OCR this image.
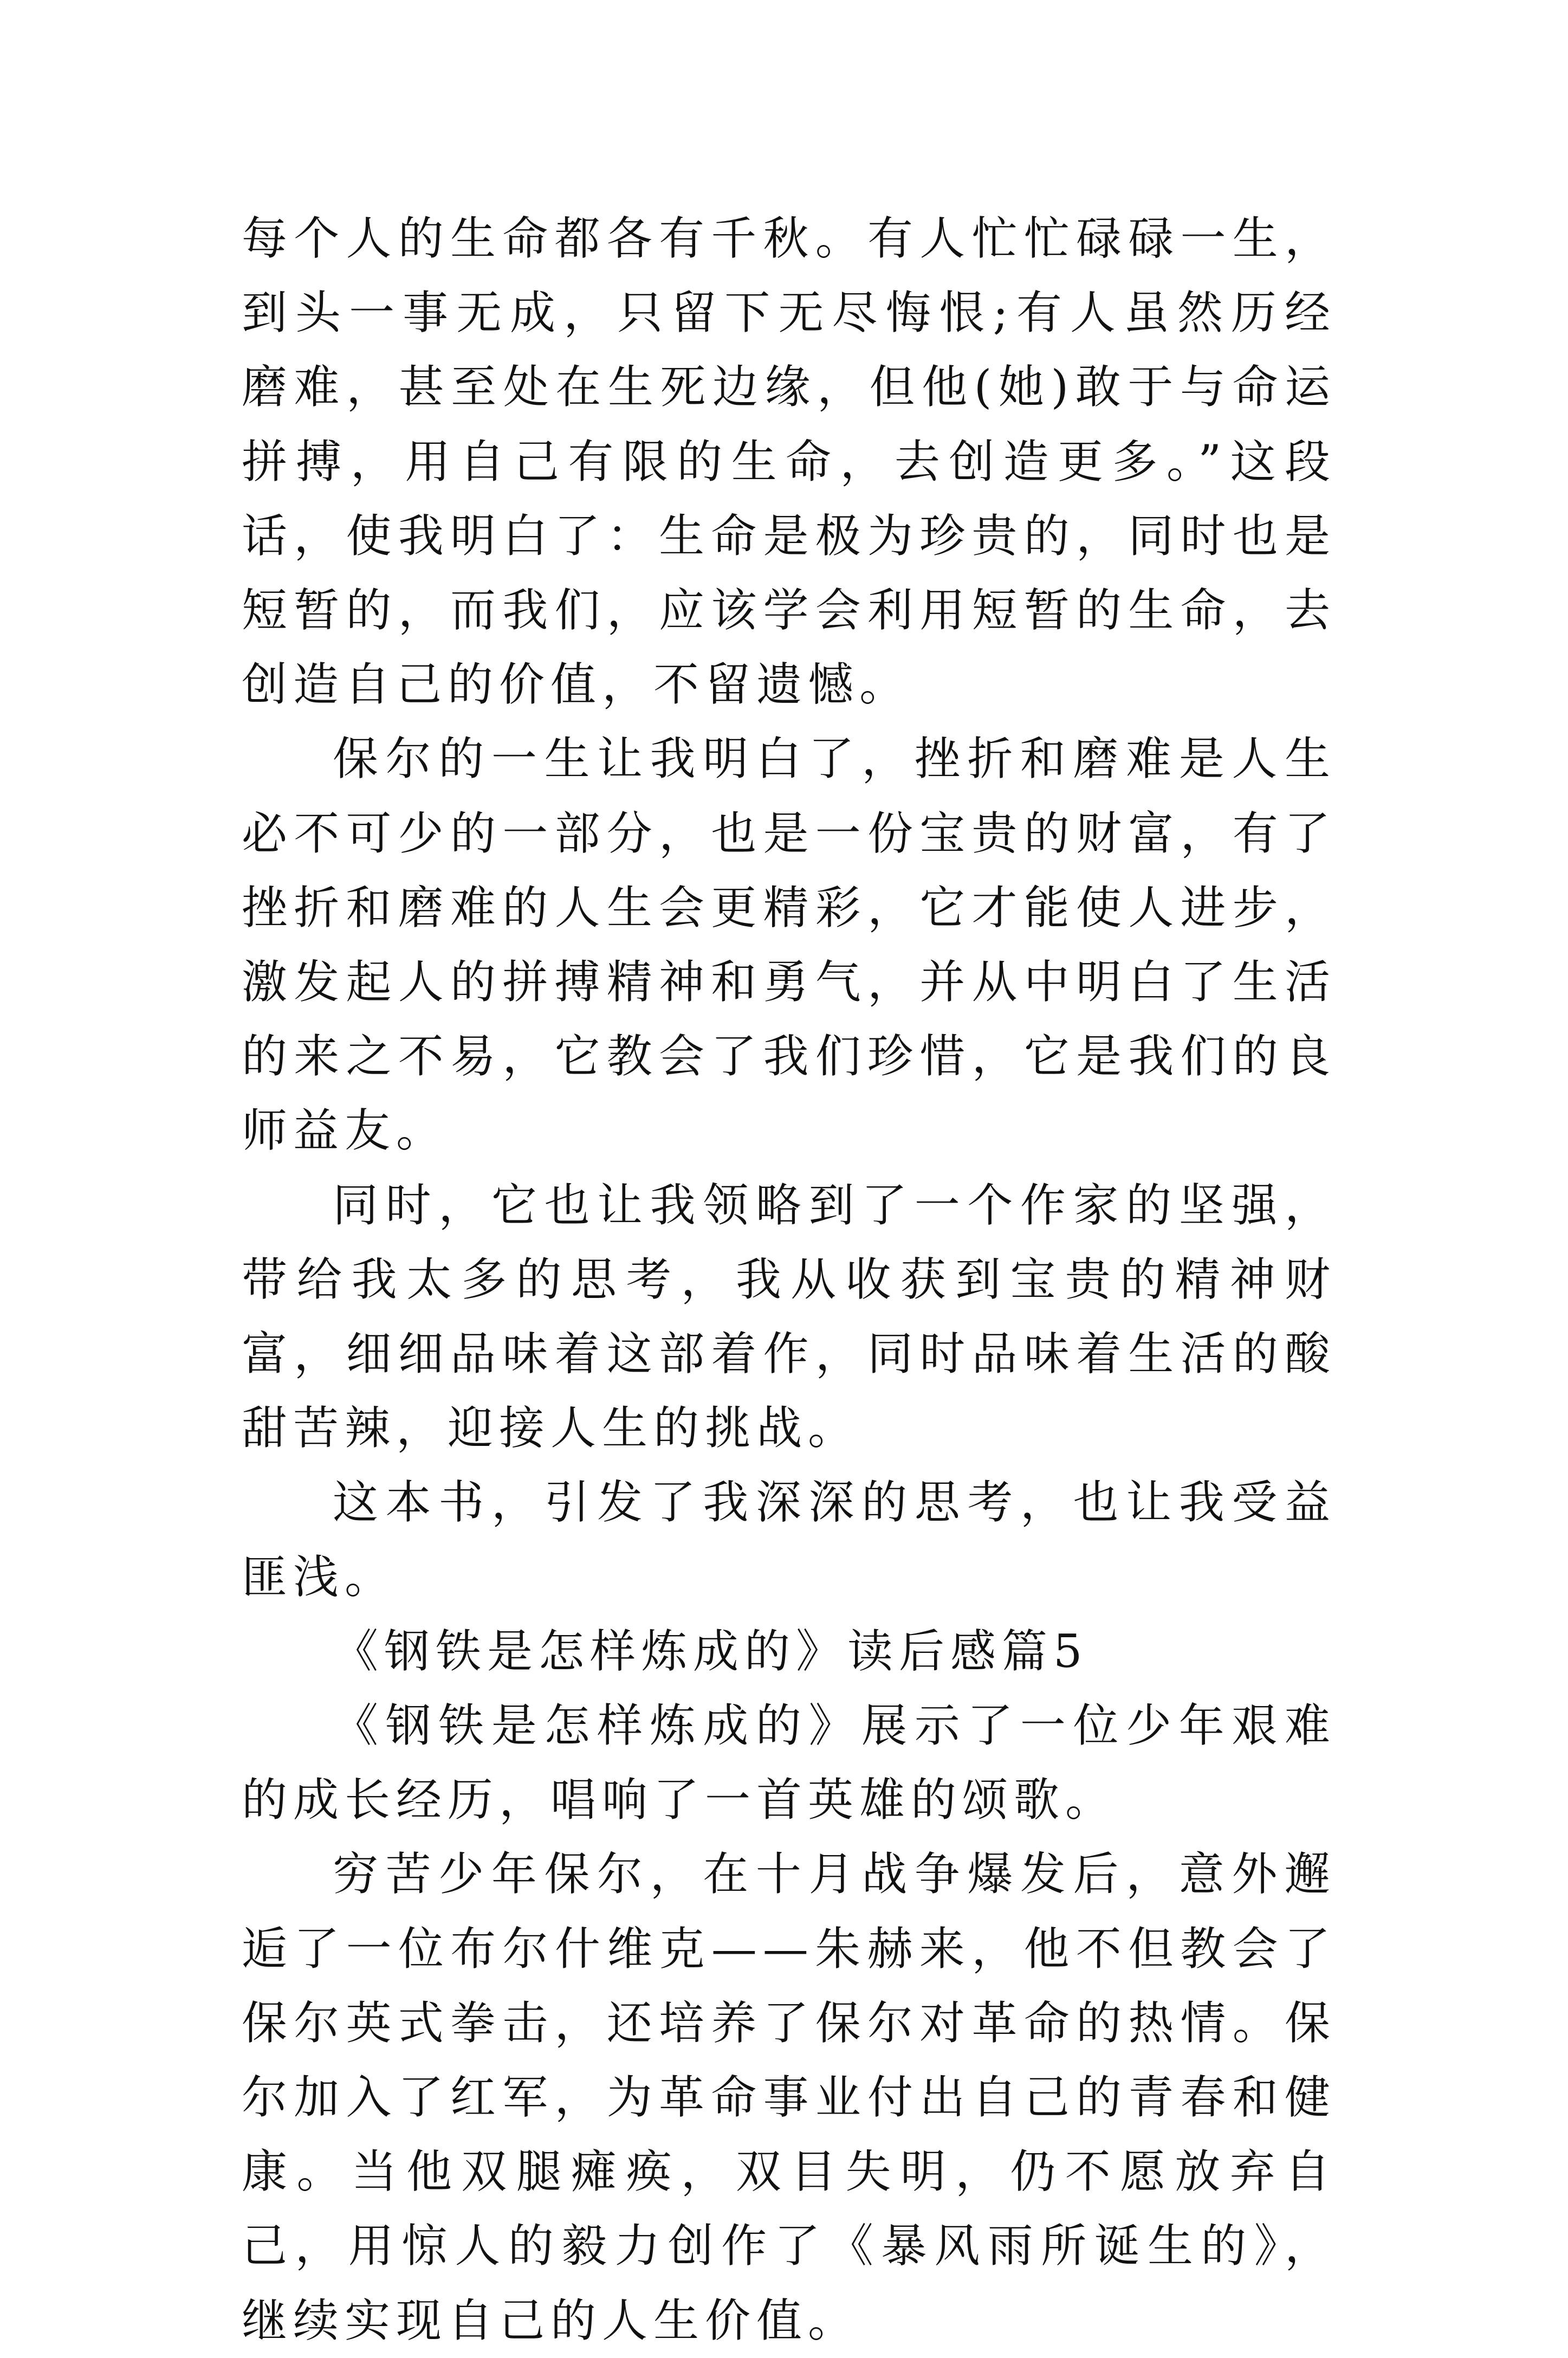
每个人的生命都各有千秋。有人忙忙碌碌一生，到头一事无成，只留下无尽悔恨;有人虽然历经磨难，甚至处在生死边缘，但他(她)敢于与命运拼搏，用自己有限的生命，去创造更多。”这段话，使我明白了：生命是极为珍贵的，同时也是短暂的，而我们，应该学会利用短暂的生命，去创造自己的价值，不留遗憾。

保尔的一生让我明白了，挫折和磨难是人生必不可少的一部分，也是一份宝贵的财富，有了挫折和磨难的人生会更精彩，它才能使人进步，激发起人的拼搏精神和勇气，并从中明白了生活的来之不易，它教会了我们珍惜，它是我们的良师益友。

同时，它也让我领略到了一个作家的坚强，带给我太多的思考，我从收获到宝贵的精神财富，细细品味着这部着作，同时品味着生活的酸甜苦辣，迎接人生的挑战。

这本书，引发了我深深的思考，也让我受益匪浅。

《钢铁是怎样炼成的》读后感篇5

《钢铁是怎样炼成的》展示了一位少年艰难的成长经历，唱响了一首英雄的颂歌。

穷苦少年保尔，在十月战争爆发后，意外邂逅了一位布尔什维克——朱赫来，他不但教会了保尔英式拳击，还培养了保尔对革命的热情。保尔加入了红军，为革命事业付出自己的青春和健康。当他双腿瘫痪，双目失明，仍不愿放弃自己，用惊人的毅力创作了《暴风雨所诞生的》，继续实现自己的人生价值。
